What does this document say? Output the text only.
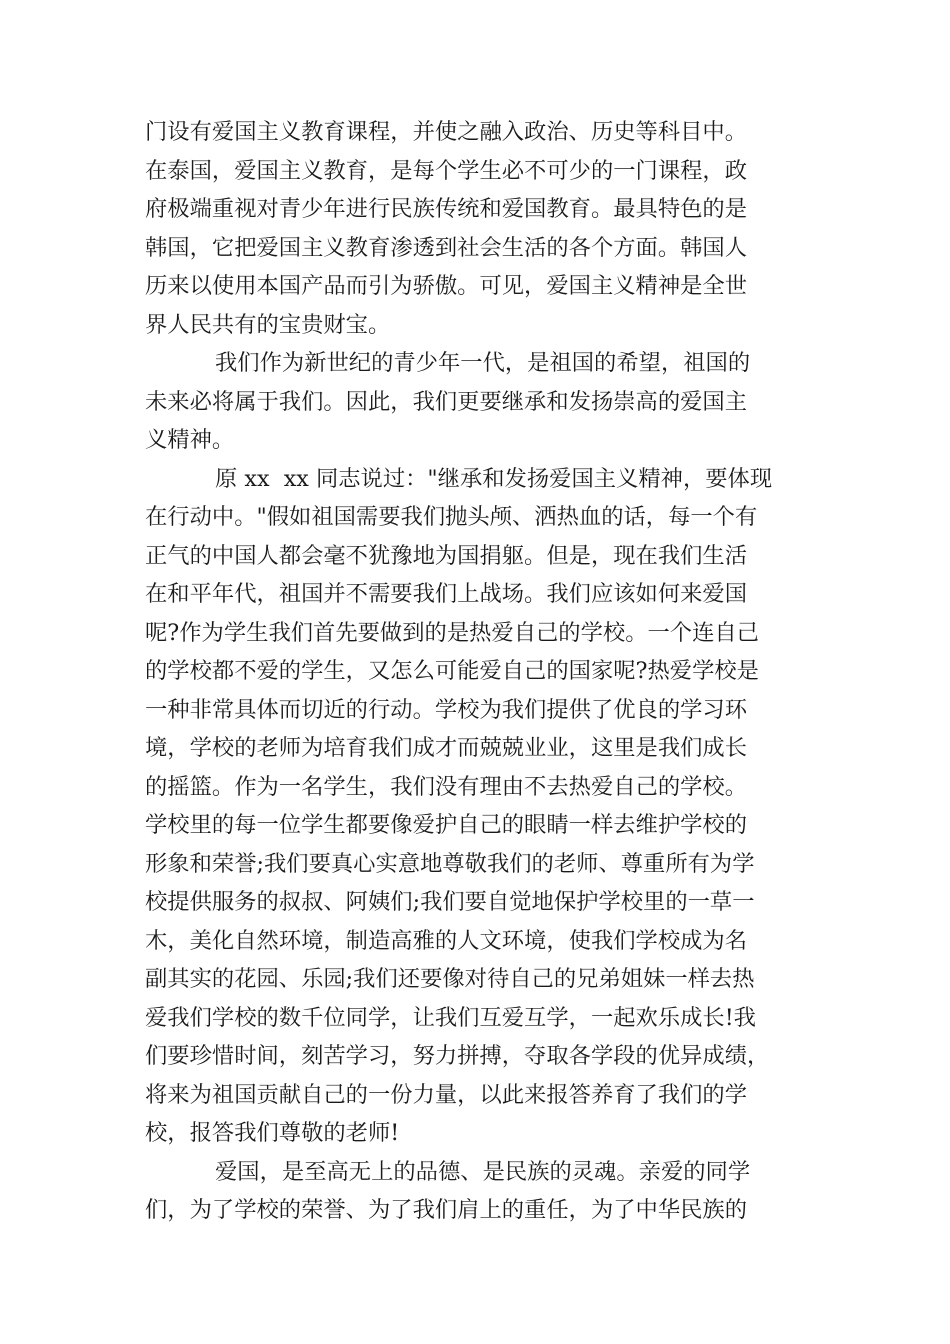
门设有爱国主义教育课程，并使之融入政治、历史等科目中。
在泰国，爱国主义教育，是每个学生必不可少的一门课程，政
府极端重视对青少年进行民族传统和爱国教育。最具特色的是
韩国，它把爱国主义教育渗透到社会生活的各个方面。韩国人
历来以使用本国产品而引为骄傲。可见，爱国主义精神是全世
界人民共有的宝贵财宝。
我们作为新世纪的青少年一代，是祖国的希望，祖国的
未来必将属于我们。因此，我们更要继承和发扬崇高的爱国主
义精神。
原 xx  xx 同志说过："继承和发扬爱国主义精神，要体现
在行动中。"假如祖国需要我们抛头颅、洒热血的话，每一个有
正气的中国人都会毫不犹豫地为国捐躯。但是，现在我们生活
在和平年代，祖国并不需要我们上战场。我们应该如何来爱国
呢?作为学生我们首先要做到的是热爱自己的学校。一个连自己
的学校都不爱的学生，又怎么可能爱自己的国家呢?热爱学校是
一种非常具体而切近的行动。学校为我们提供了优良的学习环
境，学校的老师为培育我们成才而兢兢业业，这里是我们成长
的摇篮。作为一名学生，我们没有理由不去热爱自己的学校。
学校里的每一位学生都要像爱护自己的眼睛一样去维护学校的
形象和荣誉;我们要真心实意地尊敬我们的老师、尊重所有为学
校提供服务的叔叔、阿姨们;我们要自觉地保护学校里的一草一
木，美化自然环境，制造高雅的人文环境，使我们学校成为名
副其实的花园、乐园;我们还要像对待自己的兄弟姐妹一样去热
爱我们学校的数千位同学，让我们互爱互学，一起欢乐成长!我
们要珍惜时间，刻苦学习，努力拼搏，夺取各学段的优异成绩，
将来为祖国贡献自己的一份力量，以此来报答养育了我们的学
校，报答我们尊敬的老师!
爱国，是至高无上的品德、是民族的灵魂。亲爱的同学
们，为了学校的荣誉、为了我们肩上的重任，为了中华民族的
